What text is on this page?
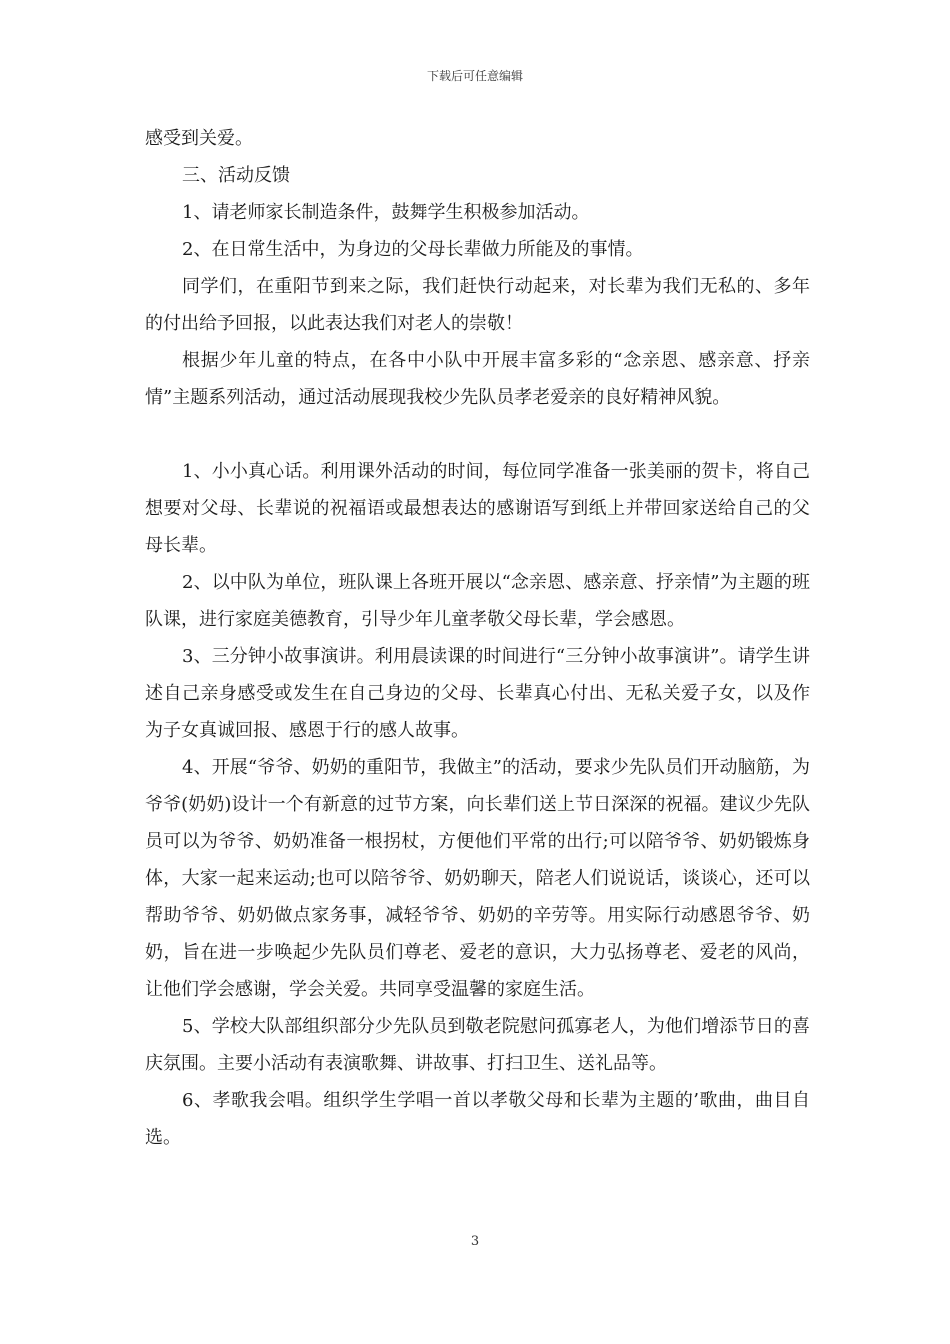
下载后可任意编辑

感受到关爱。

三、活动反馈

1、请老师家长制造条件，鼓舞学生积极参加活动。

2、在日常生活中，为身边的父母长辈做力所能及的事情。

同学们，在重阳节到来之际，我们赶快行动起来，对长辈为我们无私的、多年的付出给予回报，以此表达我们对老人的崇敬！

根据少年儿童的特点，在各中小队中开展丰富多彩的“念亲恩、感亲意、抒亲情”主题系列活动，通过活动展现我校少先队员孝老爱亲的良好精神风貌。

1、小小真心话。利用课外活动的时间，每位同学准备一张美丽的贺卡，将自己想要对父母、长辈说的祝福语或最想表达的感谢语写到纸上并带回家送给自己的父母长辈。

2、以中队为单位，班队课上各班开展以“念亲恩、感亲意、抒亲情”为主题的班队课，进行家庭美德教育，引导少年儿童孝敬父母长辈，学会感恩。

3、三分钟小故事演讲。利用晨读课的时间进行“三分钟小故事演讲”。请学生讲述自己亲身感受或发生在自己身边的父母、长辈真心付出、无私关爱子女，以及作为子女真诚回报、感恩于行的感人故事。

4、开展“爷爷、奶奶的重阳节，我做主”的活动，要求少先队员们开动脑筋，为爷爷(奶奶)设计一个有新意的过节方案，向长辈们送上节日深深的祝福。建议少先队员可以为爷爷、奶奶准备一根拐杖，方便他们平常的出行;可以陪爷爷、奶奶锻炼身体，大家一起来运动;也可以陪爷爷、奶奶聊天，陪老人们说说话，谈谈心，还可以帮助爷爷、奶奶做点家务事，减轻爷爷、奶奶的辛劳等。用实际行动感恩爷爷、奶奶，旨在进一步唤起少先队员们尊老、爱老的意识，大力弘扬尊老、爱老的风尚，让他们学会感谢，学会关爱。共同享受温馨的家庭生活。

5、学校大队部组织部分少先队员到敬老院慰问孤寡老人，为他们增添节日的喜庆氛围。主要小活动有表演歌舞、讲故事、打扫卫生、送礼品等。

6、孝歌我会唱。组织学生学唱一首以孝敬父母和长辈为主题的’歌曲，曲目自选。

3
